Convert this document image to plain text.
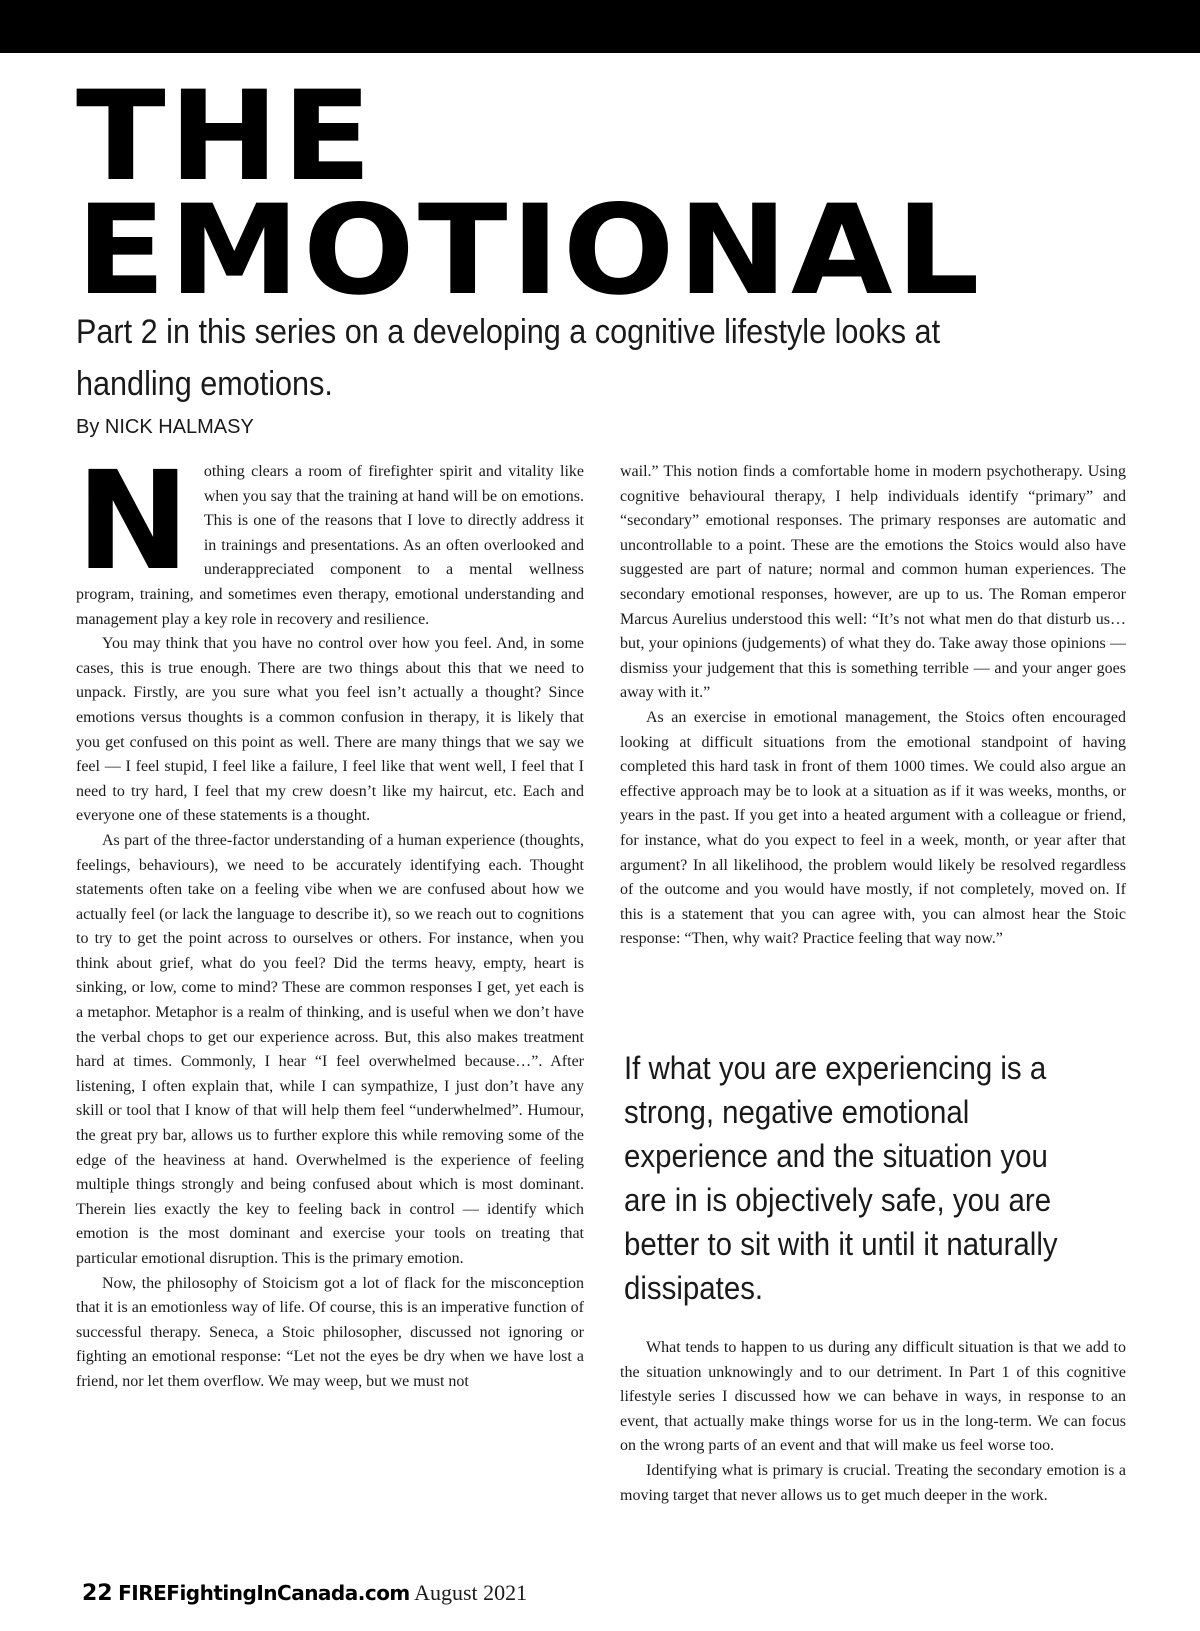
THE
EMOTIONAL
Part 2 in this series on a developing a cognitive lifestyle looks at handling emotions.
By NICK HALMASY

Nothing clears a room of firefighter spirit and vitality like when you say that the training at hand will be on emotions. This is one of the reasons that I love to directly address it in trainings and presentations. As an often overlooked and underappreciated component to a mental wellness program, training, and sometimes even therapy, emotional understanding and management play a key role in recovery and resilience.

You may think that you have no control over how you feel. And, in some cases, this is true enough. There are two things about this that we need to unpack. Firstly, are you sure what you feel isn’t actually a thought? Since emotions versus thoughts is a common confusion in therapy, it is likely that you get confused on this point as well. There are many things that we say we feel — I feel stupid, I feel like a failure, I feel like that went well, I feel that I need to try hard, I feel that my crew doesn’t like my haircut, etc. Each and everyone one of these statements is a thought.

As part of the three-factor understanding of a human experience (thoughts, feelings, behaviours), we need to be accurately identifying each. Thought statements often take on a feeling vibe when we are confused about how we actually feel (or lack the language to describe it), so we reach out to cognitions to try to get the point across to ourselves or others. For instance, when you think about grief, what do you feel? Did the terms heavy, empty, heart is sinking, or low, come to mind? These are common responses I get, yet each is a metaphor. Metaphor is a realm of thinking, and is useful when we don’t have the verbal chops to get our experience across. But, this also makes treatment hard at times. Commonly, I hear “I feel overwhelmed because…”. After listening, I often explain that, while I can sympathize, I just don’t have any skill or tool that I know of that will help them feel “underwhelmed”. Humour, the great pry bar, allows us to further explore this while removing some of the edge of the heaviness at hand. Overwhelmed is the experience of feeling multiple things strongly and being confused about which is most dominant. Therein lies exactly the key to feeling back in control — identify which emotion is the most dominant and exercise your tools on treating that particular emotional disruption. This is the primary emotion.

Now, the philosophy of Stoicism got a lot of flack for the misconception that it is an emotionless way of life. Of course, this is an imperative function of successful therapy. Seneca, a Stoic philosopher, discussed not ignoring or fighting an emotional response: “Let not the eyes be dry when we have lost a friend, nor let them overflow. We may weep, but we must not

wail.” This notion finds a comfortable home in modern psychotherapy. Using cognitive behavioural therapy, I help individuals identify “primary” and “secondary” emotional responses. The primary responses are automatic and uncontrollable to a point. These are the emotions the Stoics would also have suggested are part of nature; normal and common human experiences. The secondary emotional responses, however, are up to us. The Roman emperor Marcus Aurelius understood this well: “It’s not what men do that disturb us… but, your opinions (judgements) of what they do. Take away those opinions — dismiss your judgement that this is something terrible — and your anger goes away with it.”

As an exercise in emotional management, the Stoics often encouraged looking at difficult situations from the emotional standpoint of having completed this hard task in front of them 1000 times. We could also argue an effective approach may be to look at a situation as if it was weeks, months, or years in the past. If you get into a heated argument with a colleague or friend, for instance, what do you expect to feel in a week, month, or year after that argument? In all likelihood, the problem would likely be resolved regardless of the outcome and you would have mostly, if not completely, moved on. If this is a statement that you can agree with, you can almost hear the Stoic response: “Then, why wait? Practice feeling that way now.”

If what you are experiencing is a strong, negative emotional experience and the situation you are in is objectively safe, you are better to sit with it until it naturally dissipates.

What tends to happen to us during any difficult situation is that we add to the situation unknowingly and to our detriment. In Part 1 of this cognitive lifestyle series I discussed how we can behave in ways, in response to an event, that actually make things worse for us in the long-term. We can focus on the wrong parts of an event and that will make us feel worse too.

Identifying what is primary is crucial. Treating the secondary emotion is a moving target that never allows us to get much deeper in the work.

22 FIREFightingInCanada.com August 2021
